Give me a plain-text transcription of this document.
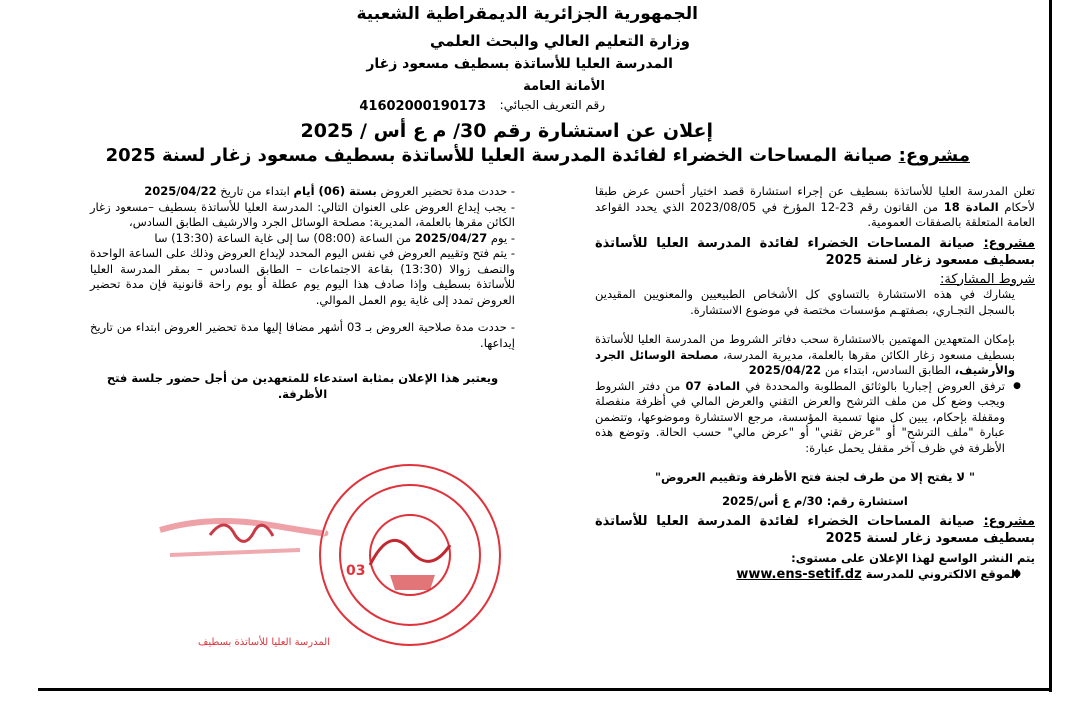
الجمهورية الجزائرية الديمقراطية الشعبية
وزارة التعليم العالي والبحث العلمي
المدرسة العليا للأساتذة بسطيف مسعود زغار
الأمانة العامة
رقم التعريف الجبائي:
41602000190173
إعلان عن استشارة رقم 30/ م ع أس / 2025
مشروع: صيانة المساحات الخضراء لفائدة المدرسة العليا للأساتذة بسطيف مسعود زغار لسنة 2025

تعلن المدرسة العليا للأساتذة بسطيف عن إجراء استشارة قصد اختيار أحسن عرض طبقا لأحكام المادة 18 من القانون رقم 23-12 المؤرخ في 2023/08/05 الذي يحدد القواعد العامة المتعلقة بالصفقات العمومية.

مشروع: صيانة المساحات الخضراء لفائدة المدرسة العليا للأساتذة بسطيف مسعود زغار لسنة 2025

شروط المشاركة:

يشارك في هذه الاستشارة بالتساوي كل الأشخاص الطبيعيين والمعنويين المقيدين بالسجل التجـاري، بصفتهـم مؤسسات مختصة في موضوع الاستشارة.

بإمكان المتعهدين المهتمين بالاستشارة سحب دفاتر الشروط من المدرسة العليا للأساتذة بسطيف مسعود زغار الكائن مقرها بالعلمة، مديرية المدرسة، مصلحة الوسائل الجرد والأرشيف، الطابق السادس، ابتداء من 2025/04/22

● ترفق العروض إجباريا بالوثائق المطلوبة والمحددة في المادة 07 من دفتر الشروط ويجب وضع كل من ملف الترشح والعرض التقني والعرض المالي في أظرفة منفصلة ومقفلة بإحكام، يبين كل منها تسمية المؤسسة، مرجع الاستشارة وموضوعها، وتتضمن عبارة "ملف الترشح" أو "عرض تقني" أو "عرض مالي" حسب الحالة. وتوضع هذه الأظرفة في ظرف آخر مقفل يحمل عبارة:

" لا يفتح إلا من طرف لجنة فتح الأظرفة وتقييم العروض"

استشارة رقم: 30/م ع أس/2025

مشروع: صيانة المساحات الخضراء لفائدة المدرسة العليا للأساتذة بسطيف مسعود زغار لسنة 2025

يتم النشر الواسع لهذا الإعلان على مستوى:

● الموقع الالكتروني للمدرسة www.ens-setif.dz

- حددت مدة تحضير العروض بستة (06) أيام ابتداء من تاريخ 2025/04/22

- يجب إيداع العروض على العنوان التالي: المدرسة العليا للأساتذة بسطيف –مسعود زغار الكائن مقرها بالعلمة، المديرية: مصلحة الوسائل الجرد والارشيف الطابق السادس،

- يوم 2025/04/27 من الساعة (08:00) سا إلى غاية الساعة (13:30) سا

- يتم فتح وتقييم العروض في نفس اليوم المحدد لإيداع العروض وذلك على الساعة الواحدة والنصف زوالا (13:30) بقاعة الاجتماعات – الطابق السادس – بمقر المدرسة العليا للأساتذة بسطيف وإذا صادف هذا اليوم يوم عطلة أو يوم راحة قانونية فإن مدة تحضير العروض تمدد إلى غاية يوم العمل الموالي.

- حددت مدة صلاحية العروض بـ 03 أشهر مضافا إليها مدة تحضير العروض ابتداء من تاريخ إيداعها.

ويعتبر هذا الإعلان بمثابة استدعاء للمتعهدين من أجل حضور جلسة فتح الأظرفة.

03
المدرسة العليا للأساتذة بسطيف
